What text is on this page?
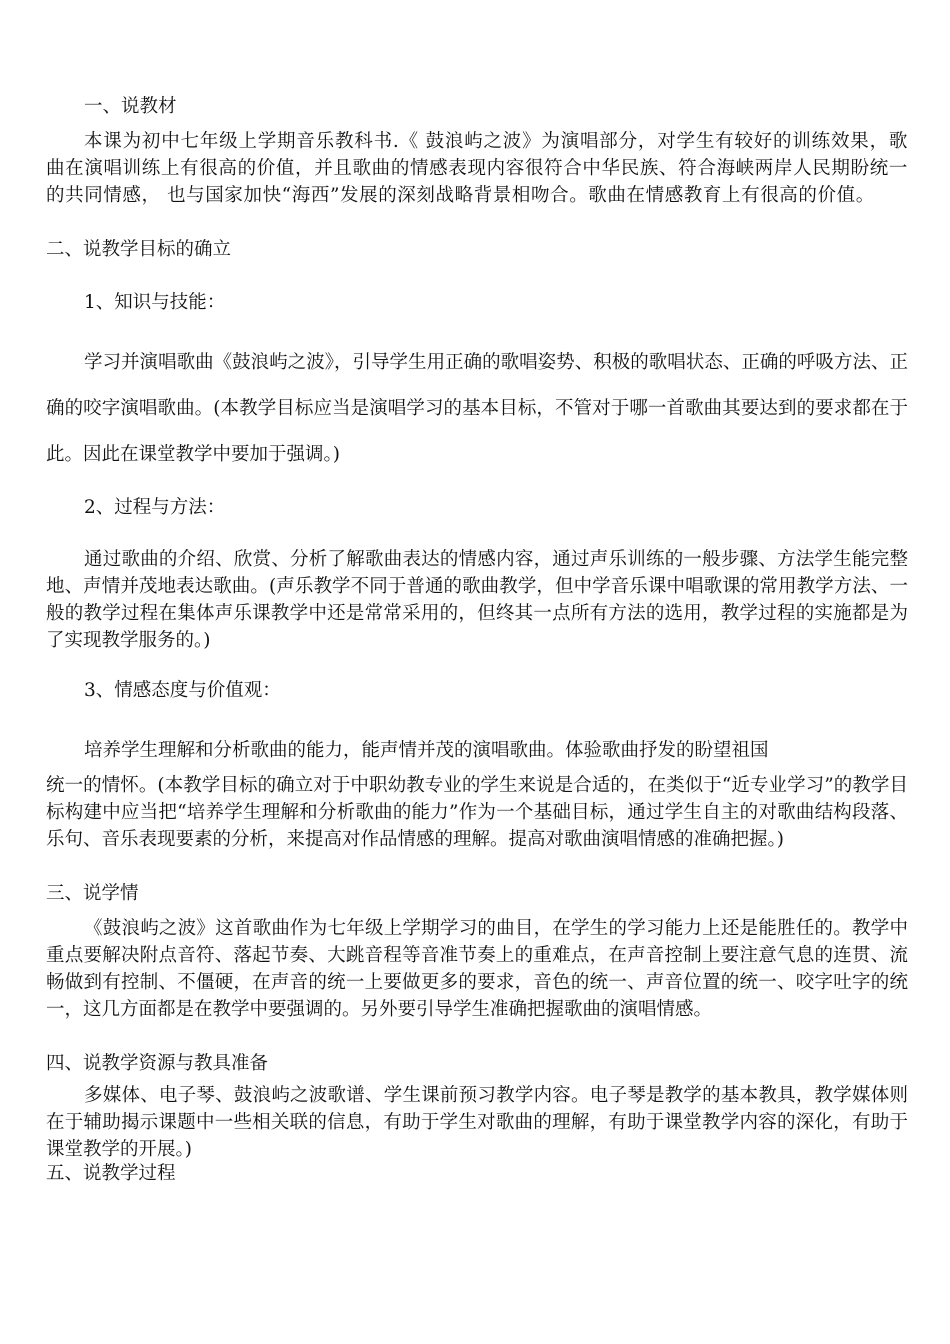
一、说教材

本课为初中七年级上学期音乐教科书.《 鼓浪屿之波》为演唱部分，对学生有较好的训练效果，歌曲在演唱训练上有很高的价值，并且歌曲的情感表现内容很符合中华民族、符合海峡两岸人民期盼统一的共同情感， 也与国家加快“海西”发展的深刻战略背景相吻合。歌曲在情感教育上有很高的价值。

二、说教学目标的确立

1、知识与技能：

学习并演唱歌曲《鼓浪屿之波》，引导学生用正确的歌唱姿势、积极的歌唱状态、正确的呼吸方法、正确的咬字演唱歌曲。(本教学目标应当是演唱学习的基本目标，不管对于哪一首歌曲其要达到的要求都在于此。因此在课堂教学中要加于强调。)

2、过程与方法：

通过歌曲的介绍、欣赏、分析了解歌曲表达的情感内容，通过声乐训练的一般步骤、方法学生能完整地、声情并茂地表达歌曲。(声乐教学不同于普通的歌曲教学，但中学音乐课中唱歌课的常用教学方法、一般的教学过程在集体声乐课教学中还是常常采用的，但终其一点所有方法的选用，教学过程的实施都是为了实现教学服务的。)

3、情感态度与价值观：

培养学生理解和分析歌曲的能力，能声情并茂的演唱歌曲。体验歌曲抒发的盼望祖国

统一的情怀。(本教学目标的确立对于中职幼教专业的学生来说是合适的，在类似于“近专业学习”的教学目标构建中应当把“培养学生理解和分析歌曲的能力”作为一个基础目标，通过学生自主的对歌曲结构段落、乐句、音乐表现要素的分析，来提高对作品情感的理解。提高对歌曲演唱情感的准确把握。)

三、说学情

《鼓浪屿之波》这首歌曲作为七年级上学期学习的曲目，在学生的学习能力上还是能胜任的。教学中重点要解决附点音符、落起节奏、大跳音程等音准节奏上的重难点，在声音控制上要注意气息的连贯、流畅做到有控制、不僵硬，在声音的统一上要做更多的要求，音色的统一、声音位置的统一、咬字吐字的统一，这几方面都是在教学中要强调的。另外要引导学生准确把握歌曲的演唱情感。

四、说教学资源与教具准备

多媒体、电子琴、鼓浪屿之波歌谱、学生课前预习教学内容。电子琴是教学的基本教具，教学媒体则在于辅助揭示课题中一些相关联的信息，有助于学生对歌曲的理解，有助于课堂教学内容的深化，有助于课堂教学的开展。)

五、说教学过程
